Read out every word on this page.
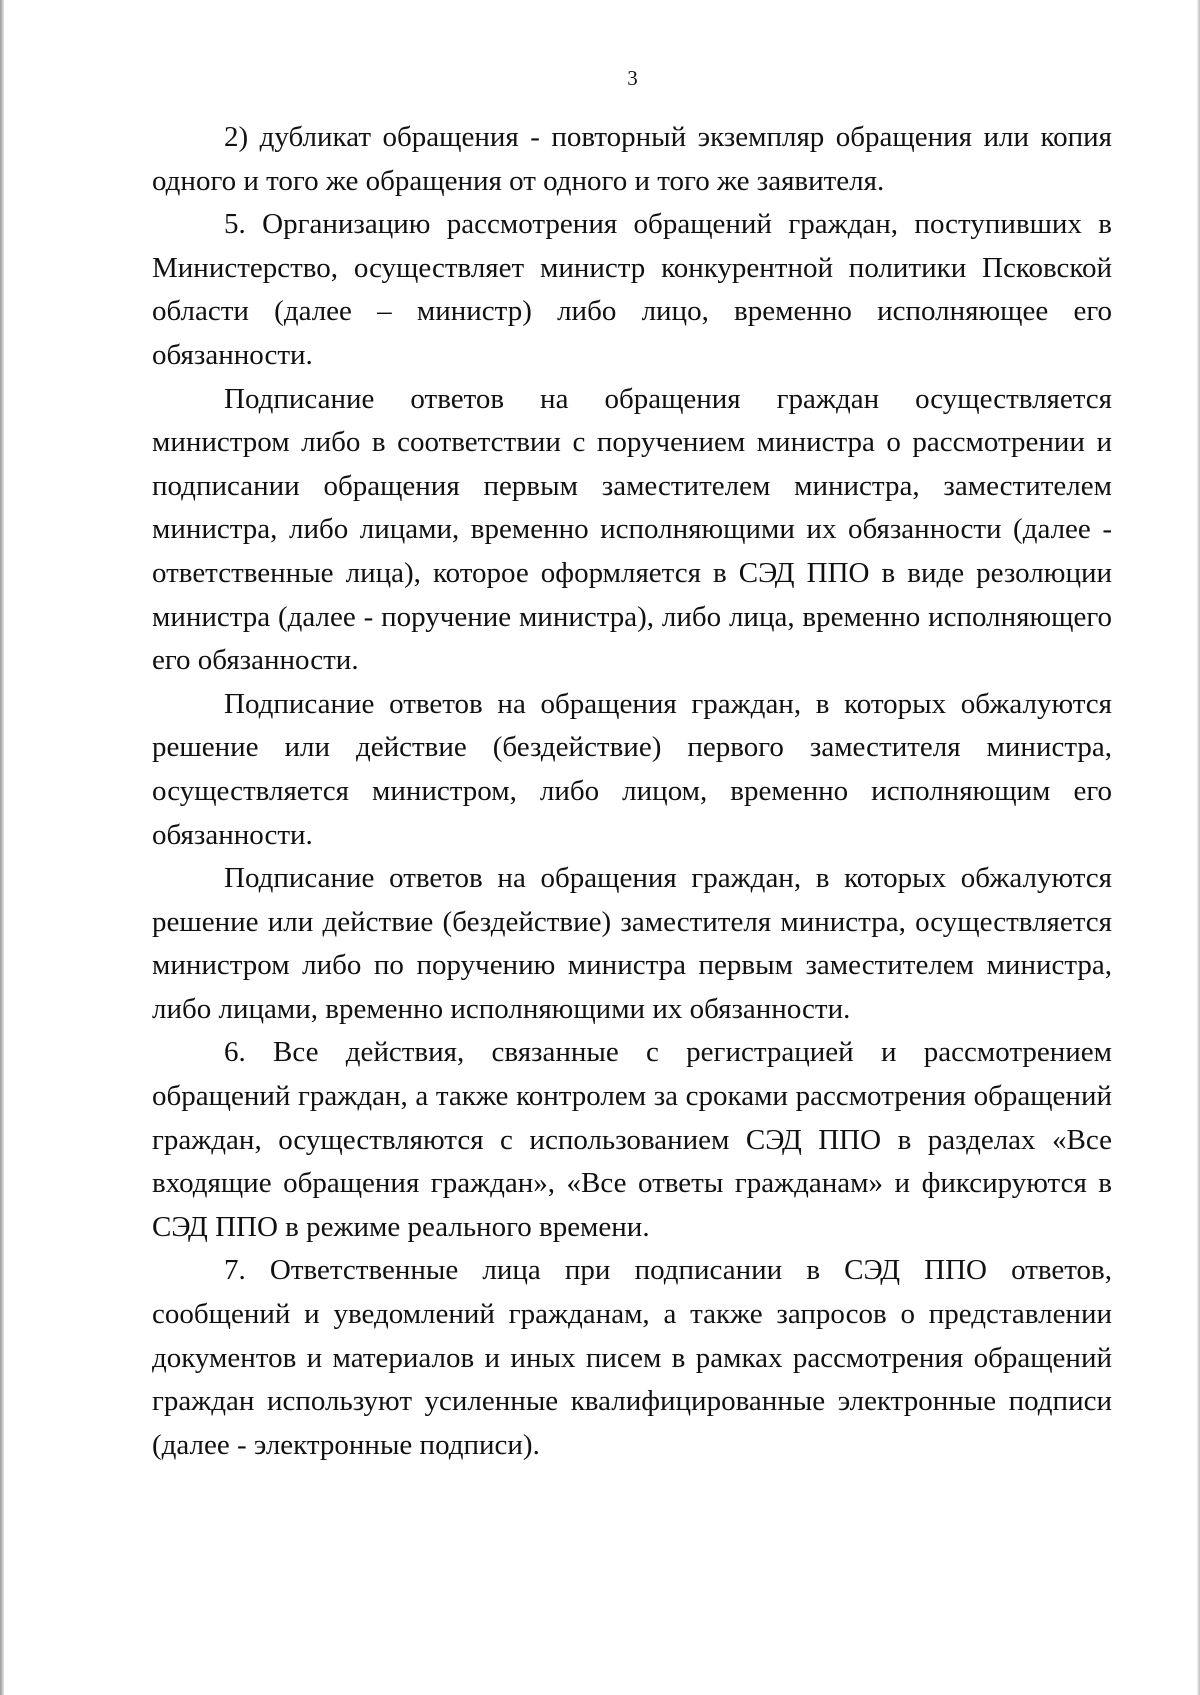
3

2) дубликат обращения - повторный экземпляр обращения или копия одного и того же обращения от одного и того же заявителя.

5. Организацию рассмотрения обращений граждан, поступивших в Министерство, осуществляет министр конкурентной политики Псковской области (далее – министр) либо лицо, временно исполняющее его обязанности.

Подписание ответов на обращения граждан осуществляется министром либо в соответствии с поручением министра о рассмотрении и подписании обращения первым заместителем министра, заместителем министра, либо лицами, временно исполняющими их обязанности (далее - ответственные лица), которое оформляется в СЭД ППО в виде резолюции министра (далее - поручение министра), либо лица, временно исполняющего его обязанности.

Подписание ответов на обращения граждан, в которых обжалуются решение или действие (бездействие) первого заместителя министра, осуществляется министром, либо лицом, временно исполняющим его обязанности.

Подписание ответов на обращения граждан, в которых обжалуются решение или действие (бездействие) заместителя министра, осуществляется министром либо по поручению министра первым заместителем министра, либо лицами, временно исполняющими их обязанности.

6. Все действия, связанные с регистрацией и рассмотрением обращений граждан, а также контролем за сроками рассмотрения обращений граждан, осуществляются с использованием СЭД ППО в разделах «Все входящие обращения граждан», «Все ответы гражданам» и фиксируются в СЭД ППО в режиме реального времени.

7. Ответственные лица при подписании в СЭД ППО ответов, сообщений и уведомлений гражданам, а также запросов о представлении документов и материалов и иных писем в рамках рассмотрения обращений граждан используют усиленные квалифицированные электронные подписи (далее - электронные подписи).
